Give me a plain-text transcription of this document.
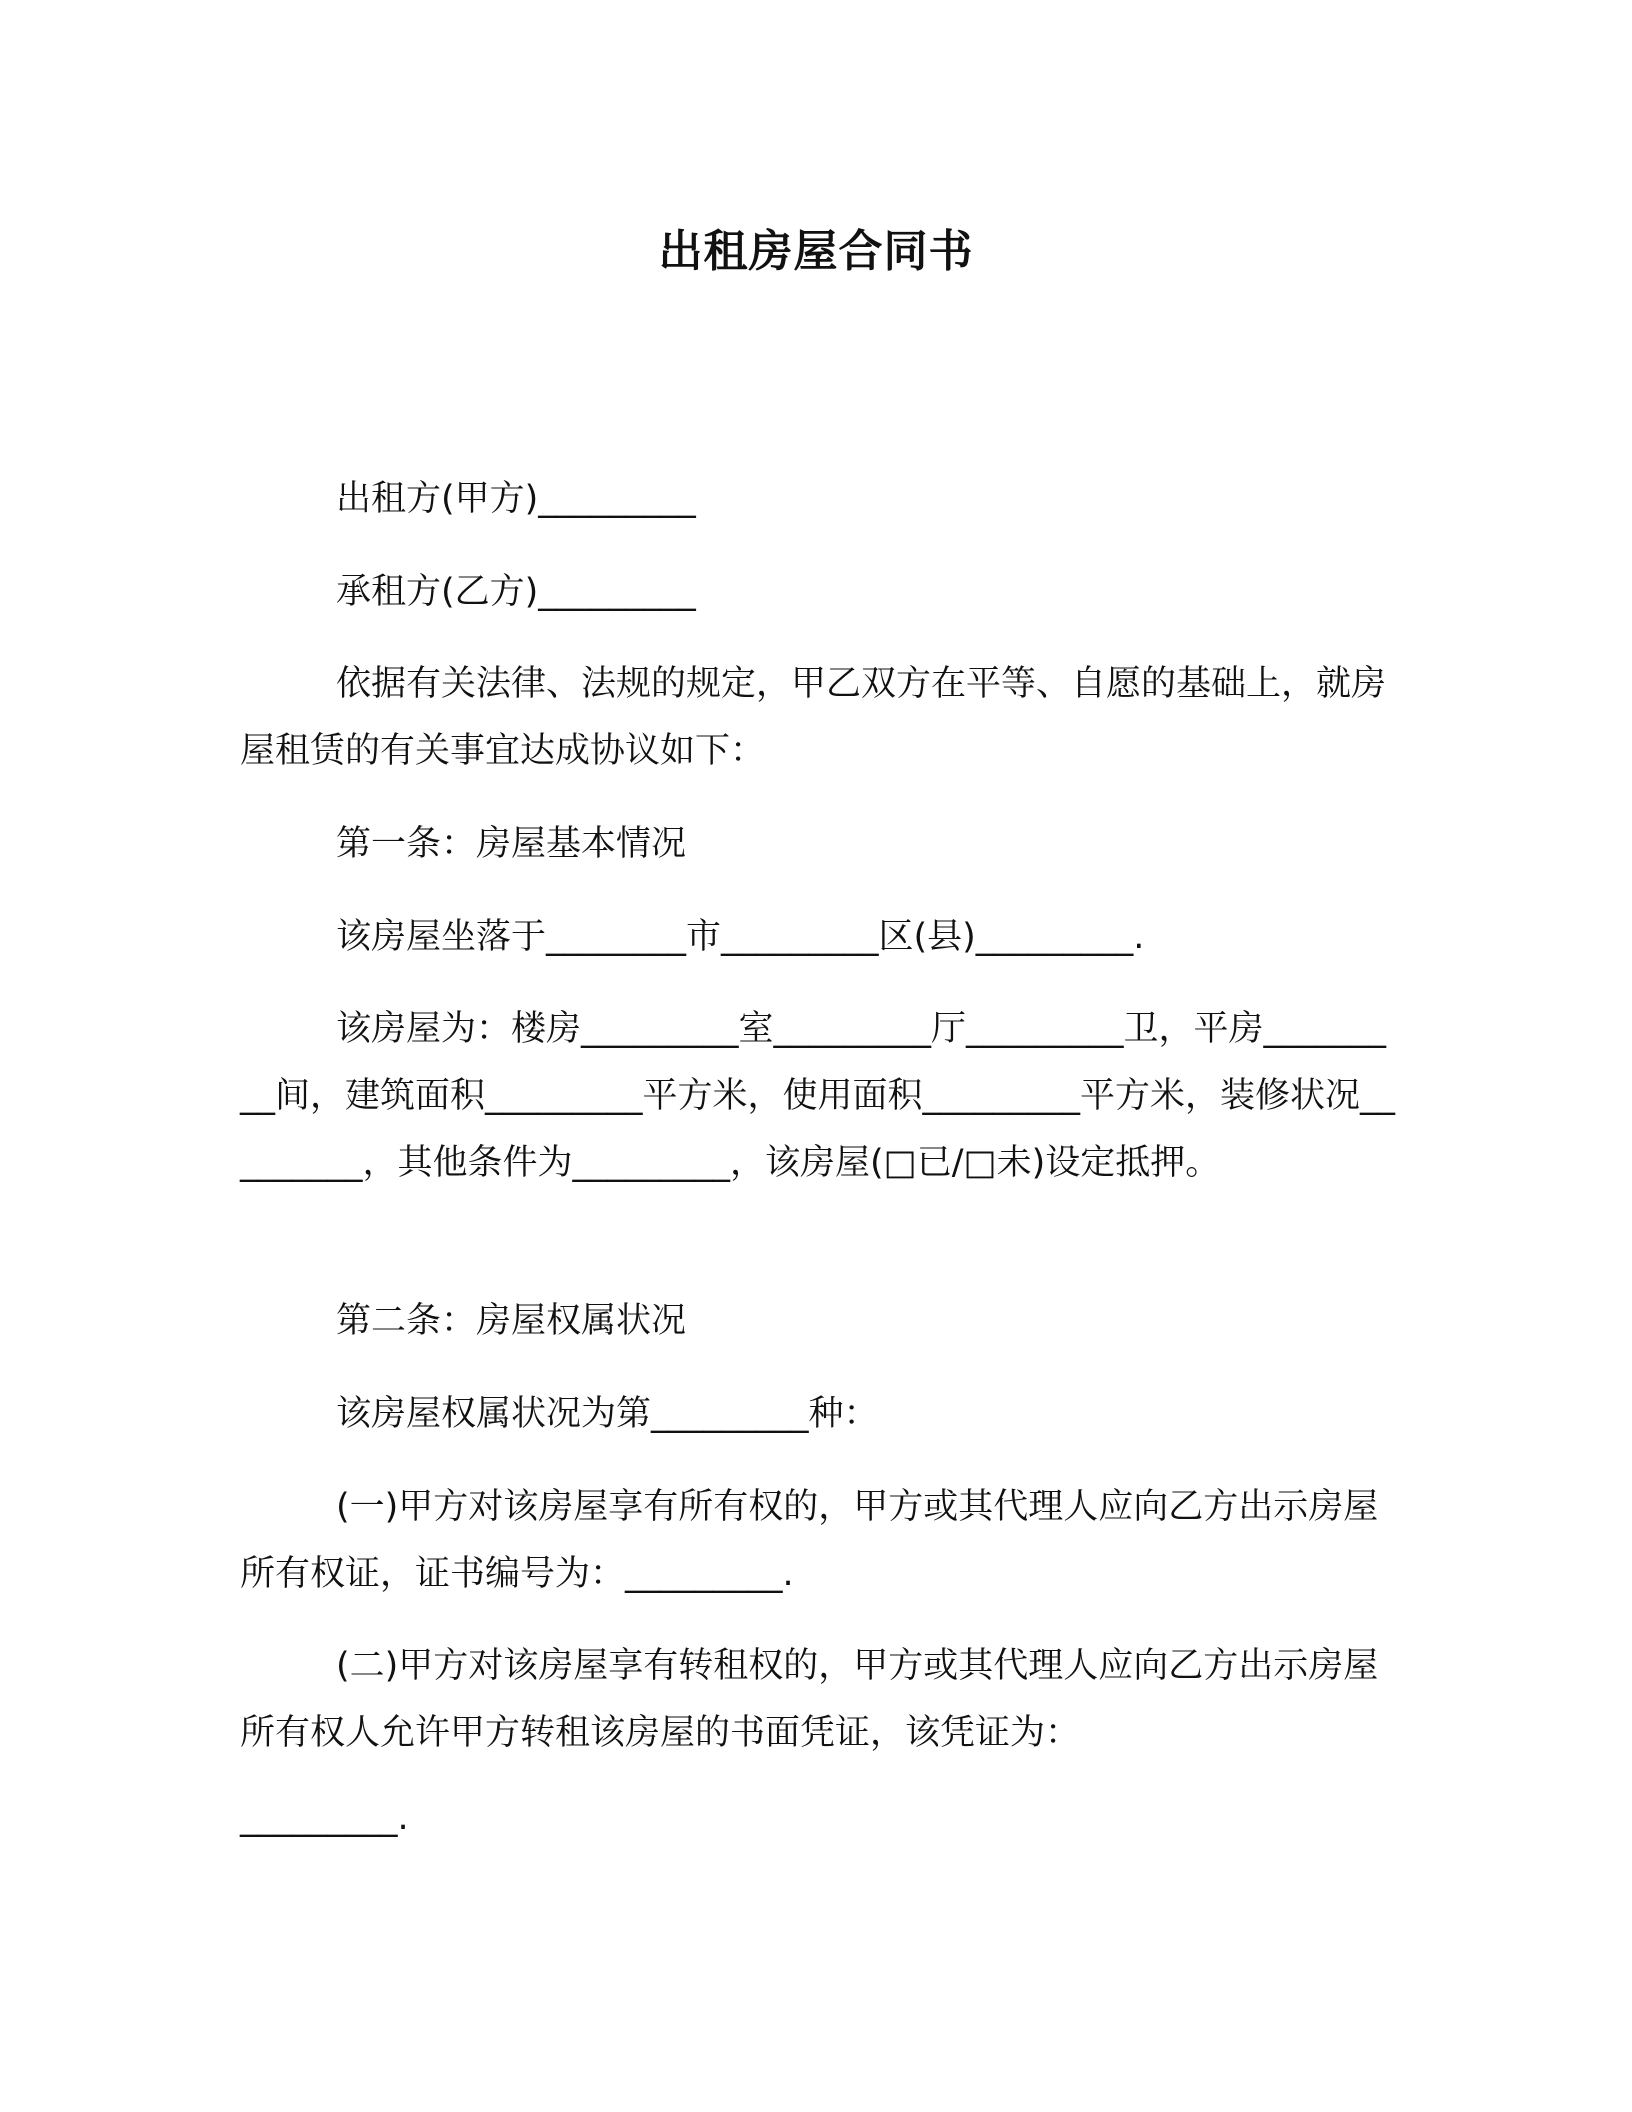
出租房屋合同书

出租方(甲方)_________

承租方(乙方)_________

依据有关法律、法规的规定，甲乙双方在平等、自愿的基础上，就房屋租赁的有关事宜达成协议如下：

第一条：房屋基本情况

该房屋坐落于________市_________区(县)_________.

该房屋为：楼房_________室_________厅_________卫，平房_________间，建筑面积_________平方米，使用面积_________平方米，装修状况_________，其他条件为_________，该房屋(□已/□未)设定抵押。

第二条：房屋权属状况

该房屋权属状况为第_________种：

(一)甲方对该房屋享有所有权的，甲方或其代理人应向乙方出示房屋所有权证，证书编号为：_________.

(二)甲方对该房屋享有转租权的，甲方或其代理人应向乙方出示房屋所有权人允许甲方转租该房屋的书面凭证，该凭证为：

_________.
